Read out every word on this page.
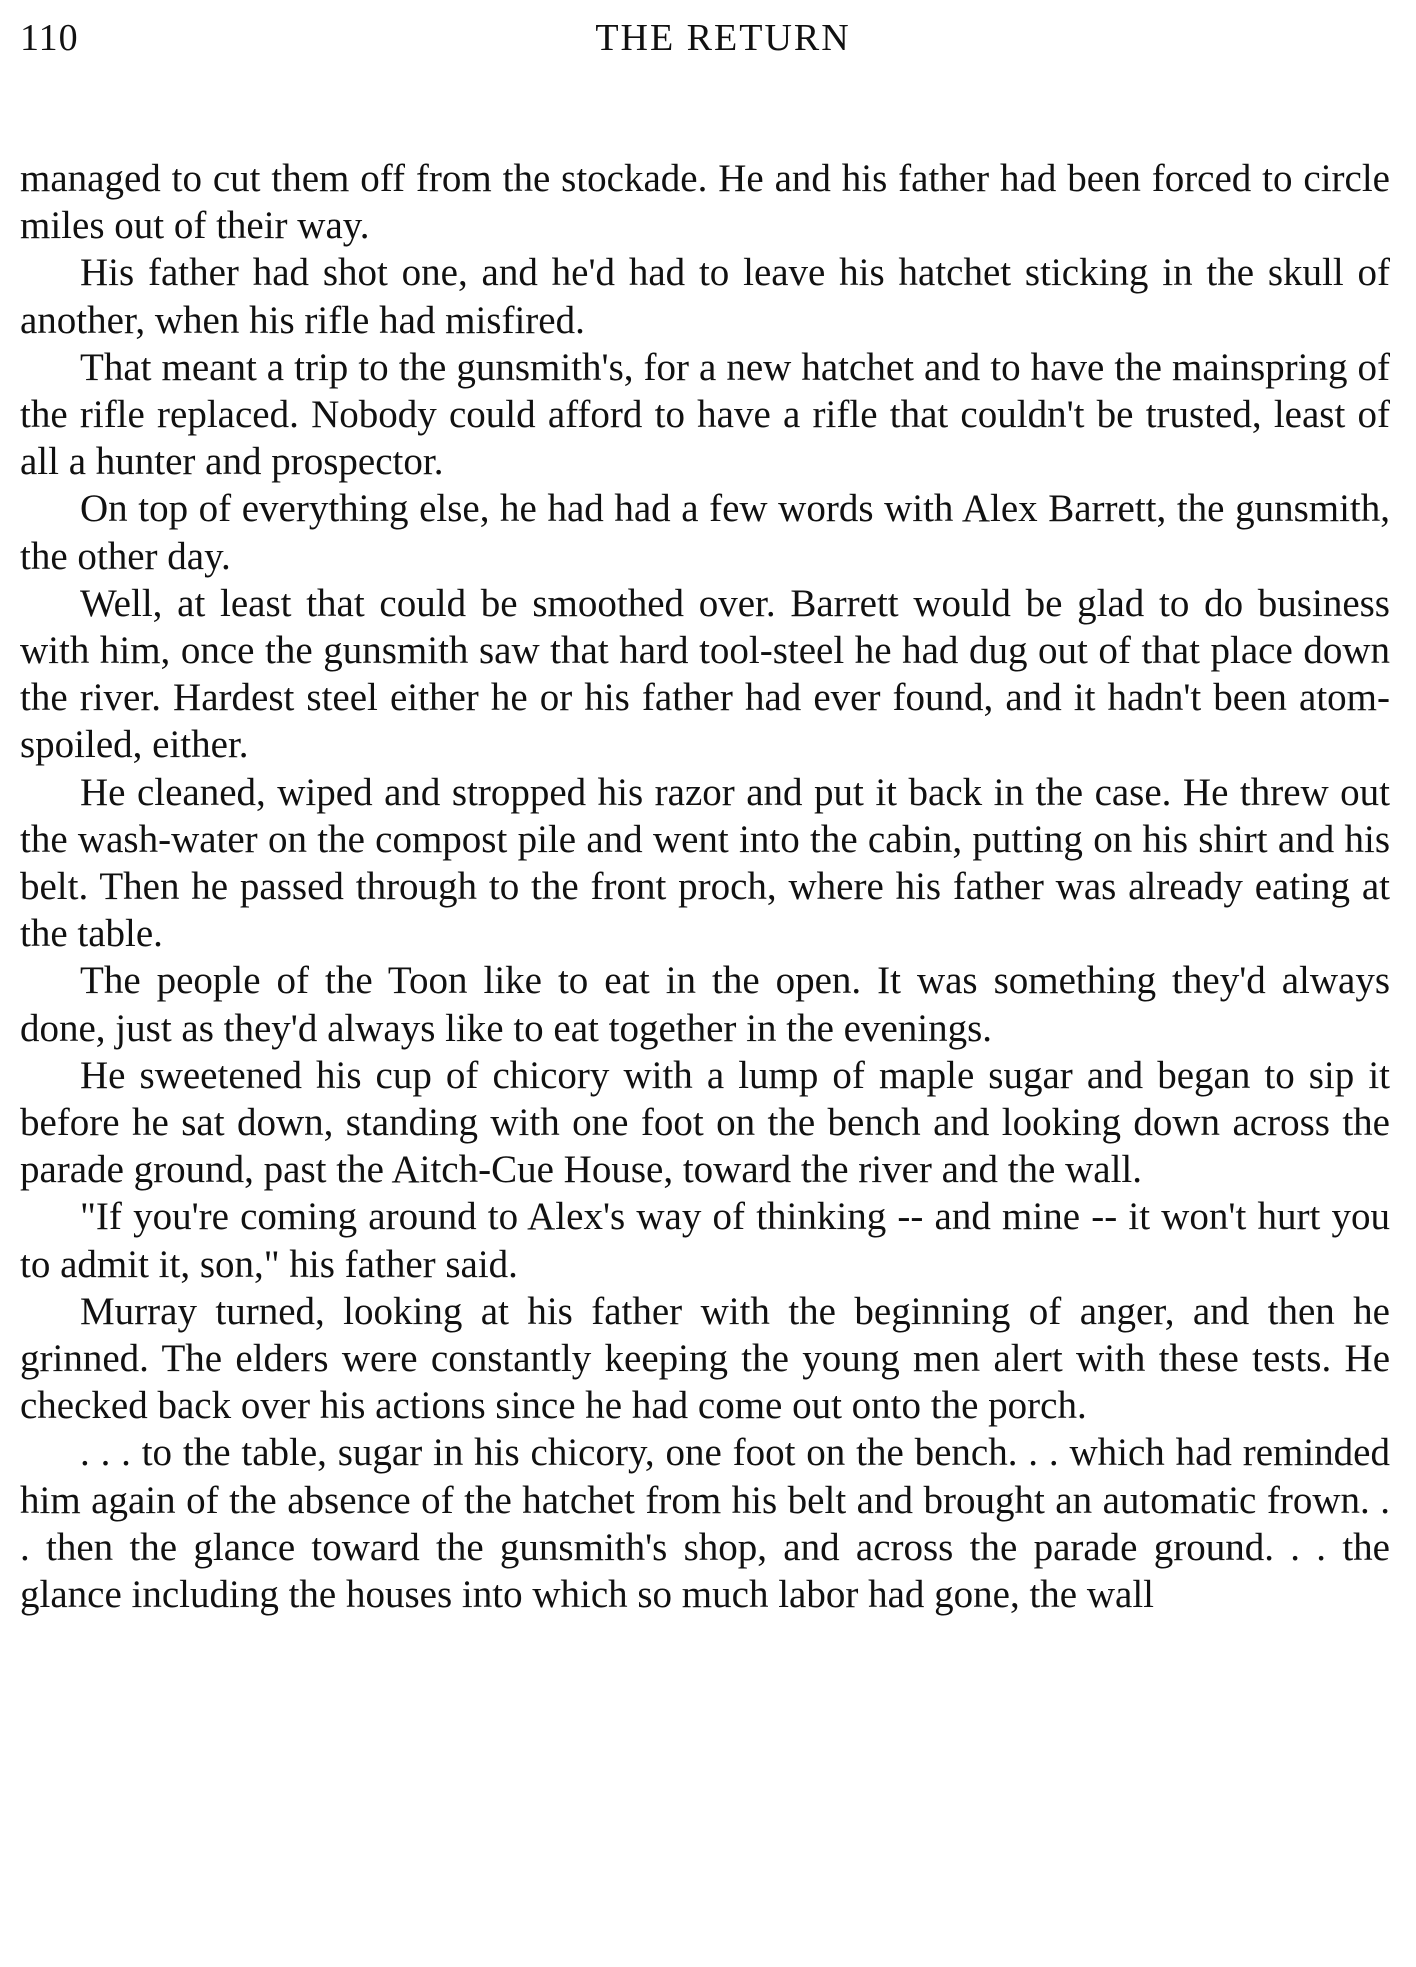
110	THE RETURN

managed to cut them off from the stockade. He and his father had been forced to circle miles out of their way.

His father had shot one, and he'd had to leave his hatchet sticking in the skull of another, when his rifle had misfired.

That meant a trip to the gunsmith's, for a new hatchet and to have the mainspring of the rifle replaced. Nobody could afford to have a rifle that couldn't be trusted, least of all a hunter and prospector.

On top of everything else, he had had a few words with Alex Barrett, the gunsmith, the other day.

Well, at least that could be smoothed over. Barrett would be glad to do business with him, once the gunsmith saw that hard tool-steel he had dug out of that place down the river. Hardest steel either he or his father had ever found, and it hadn't been atom-spoiled, either.

He cleaned, wiped and stropped his razor and put it back in the case. He threw out the wash-water on the compost pile and went into the cabin, putting on his shirt and his belt. Then he passed through to the front proch, where his father was already eating at the table.

The people of the Toon like to eat in the open. It was something they'd always done, just as they'd always like to eat together in the evenings.

He sweetened his cup of chicory with a lump of maple sugar and began to sip it before he sat down, standing with one foot on the bench and looking down across the parade ground, past the Aitch-Cue House, toward the river and the wall.

"If you're coming around to Alex's way of thinking -- and mine -- it won't hurt you to admit it, son," his father said.

Murray turned, looking at his father with the beginning of anger, and then he grinned. The elders were constantly keeping the young men alert with these tests. He checked back over his actions since he had come out onto the porch.

. . . to the table, sugar in his chicory, one foot on the bench. . . which had reminded him again of the absence of the hatchet from his belt and brought an automatic frown. . . then the glance toward the gunsmith's shop, and across the parade ground. . . the glance including the houses into which so much labor had gone, the wall
